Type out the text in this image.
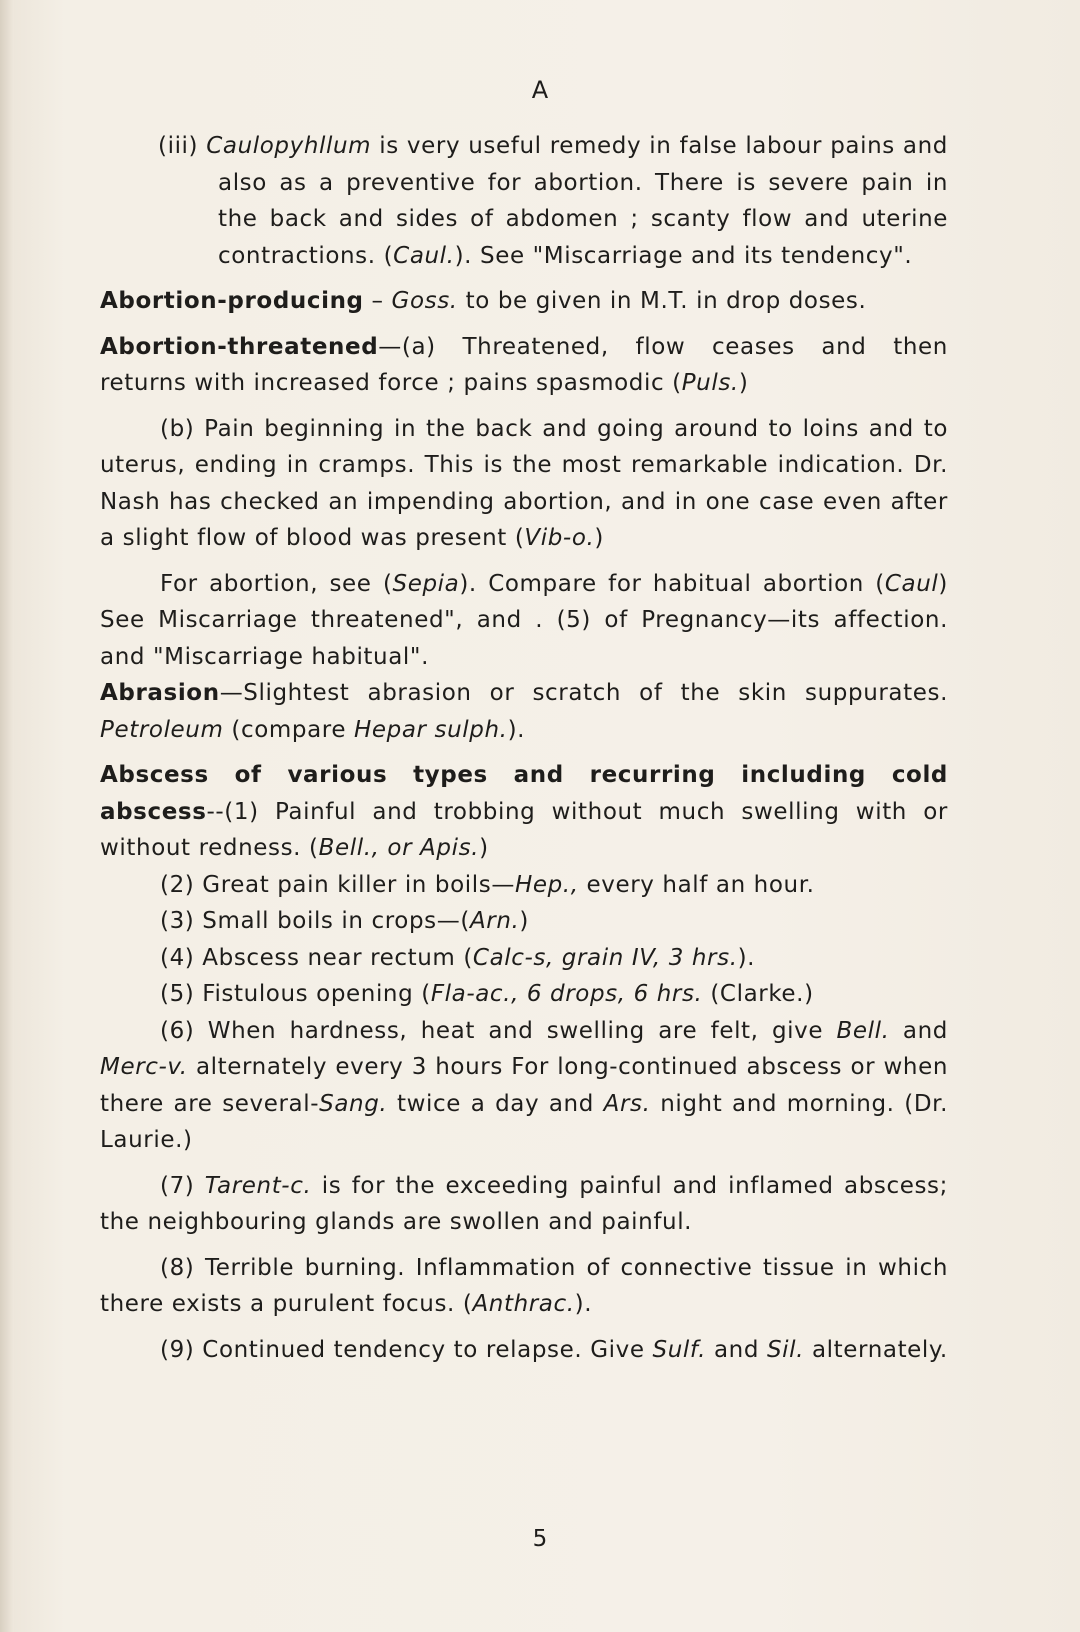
A

(iii) Caulopyhllum is very useful remedy in false labour pains and also as a preventive for abortion. There is severe pain in the back and sides of abdomen ; scanty flow and uterine contractions. (Caul.). See "Miscarriage and its tendency".

Abortion-producing – Goss. to be given in M.T. in drop doses.

Abortion-threatened—(a) Threatened, flow ceases and then returns with increased force ; pains spasmodic (Puls.)

(b) Pain beginning in the back and going around to loins and to uterus, ending in cramps. This is the most remarkable indication. Dr. Nash has checked an impending abortion, and in one case even after a slight flow of blood was present (Vib-o.)

For abortion, see (Sepia). Compare for habitual abortion (Caul) See Miscarriage threatened", and . (5) of Pregnancy—its affection. and "Miscarriage habitual".

Abrasion—Slightest abrasion or scratch of the skin suppurates. Petroleum (compare Hepar sulph.).

Abscess of various types and recurring including cold abscess--(1) Painful and trobbing without much swelling with or without redness. (Bell., or Apis.)

(2) Great pain killer in boils—Hep., every half an hour.

(3) Small boils in crops—(Arn.)

(4) Abscess near rectum (Calc-s, grain IV, 3 hrs.).

(5) Fistulous opening (Fla-ac., 6 drops, 6 hrs. (Clarke.)

(6) When hardness, heat and swelling are felt, give Bell. and Merc-v. alternately every 3 hours For long-continued abscess or when there are several-Sang. twice a day and Ars. night and morning. (Dr. Laurie.)

(7) Tarent-c. is for the exceeding painful and inflamed abscess; the neighbouring glands are swollen and painful.

(8) Terrible burning. Inflammation of connective tissue in which there exists a purulent focus. (Anthrac.).

(9) Continued tendency to relapse. Give Sulf. and Sil. alternately.

5
